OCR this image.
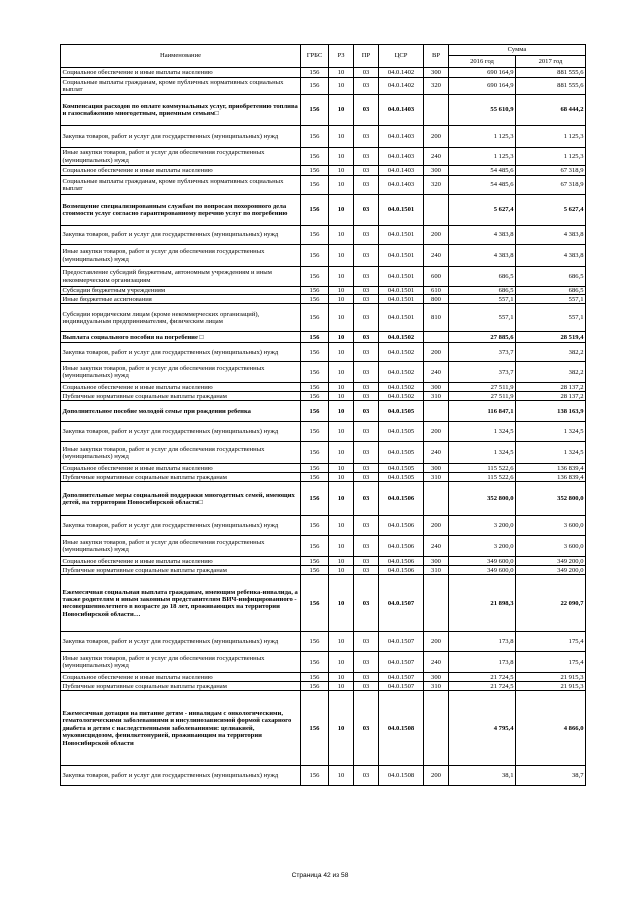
Наименование	ГРБС	РЗ	ПР	ЦСР	ВР	Сумма	
						2016 год	2017 год
Социальное обеспечение и иные выплаты населению	156	10	03	04.0.1402	300	690 164,9	881 555,6
Социальные выплаты гражданам, кроме публичных нормативных социальных выплат	156	10	03	04.0.1402	320	690 164,9	881 555,6
Компенсация расходов по оплате коммунальных услуг, приобретению топлива и газоснабжению многодетным, приемным семьям□	156	10	03	04.0.1403		55 610,9	68 444,2
Закупка товаров, работ и услуг для государственных (муниципальных) нужд	156	10	03	04.0.1403	200	1 125,3	1 125,3
Иные закупки товаров, работ и услуг для обеспечения государственных (муниципальных) нужд	156	10	03	04.0.1403	240	1 125,3	1 125,3
Социальное обеспечение и иные выплаты населению	156	10	03	04.0.1403	300	54 485,6	67 318,9
Социальные выплаты гражданам, кроме публичных нормативных социальных выплат	156	10	03	04.0.1403	320	54 485,6	67 318,9
Возмещение специализированным службам по вопросам похоронного дела стоимости услуг согласно гарантированному перечню услуг по погребению	156	10	03	04.0.1501		5 627,4	5 627,4
Закупка товаров, работ и услуг для государственных (муниципальных) нужд	156	10	03	04.0.1501	200	4 383,8	4 383,8
Иные закупки товаров, работ и услуг для обеспечения государственных (муниципальных) нужд	156	10	03	04.0.1501	240	4 383,8	4 383,8
Предоставление субсидий бюджетным, автономным учреждениям и иным некоммерческим организациям	156	10	03	04.0.1501	600	686,5	686,5
Субсидии бюджетным учреждениям	156	10	03	04.0.1501	610	686,5	686,5
Иные бюджетные ассигнования	156	10	03	04.0.1501	800	557,1	557,1
Субсидии юридическим лицам (кроме некоммерческих организаций), индивидуальным предпринимателям, физическим лицам	156	10	03	04.0.1501	810	557,1	557,1
Выплата социального пособия на погребение □	156	10	03	04.0.1502		27 885,6	28 519,4
Закупка товаров, работ и услуг для государственных (муниципальных) нужд	156	10	03	04.0.1502	200	373,7	382,2
Иные закупки товаров, работ и услуг для обеспечения государственных (муниципальных) нужд	156	10	03	04.0.1502	240	373,7	382,2
Социальное обеспечение и иные выплаты населению	156	10	03	04.0.1502	300	27 511,9	28 137,2
Публичные нормативные социальные выплаты гражданам	156	10	03	04.0.1502	310	27 511,9	28 137,2
Дополнительное пособие молодой семье при рождении ребенка	156	10	03	04.0.1505		116 847,1	138 163,9
Закупка товаров, работ и услуг для государственных (муниципальных) нужд	156	10	03	04.0.1505	200	1 324,5	1 324,5
Иные закупки товаров, работ и услуг для обеспечения государственных (муниципальных) нужд	156	10	03	04.0.1505	240	1 324,5	1 324,5
Социальное обеспечение и иные выплаты населению	156	10	03	04.0.1505	300	115 522,6	136 839,4
Публичные нормативные социальные выплаты гражданам	156	10	03	04.0.1505	310	115 522,6	136 839,4
Дополнительные меры социальной поддержки многодетных семей, имеющих детей, на территории Новосибирской области□	156	10	03	04.0.1506		352 800,0	352 800,0
Закупка товаров, работ и услуг для государственных (муниципальных) нужд	156	10	03	04.0.1506	200	3 200,0	3 600,0
Иные закупки товаров, работ и услуг для обеспечения государственных (муниципальных) нужд	156	10	03	04.0.1506	240	3 200,0	3 600,0
Социальное обеспечение и иные выплаты населению	156	10	03	04.0.1506	300	349 600,0	349 200,0
Публичные нормативные социальные выплаты гражданам	156	10	03	04.0.1506	310	349 600,0	349 200,0
Ежемесячная социальная выплата гражданам, имеющим ребенка-инвалида, а также родителям и иным законным представителям ВИЧ-инфицированного - несовершеннолетнего в возрасте до 18 лет, проживающих на территории Новосибирской области…	156	10	03	04.0.1507		21 898,3	22 090,7
Закупка товаров, работ и услуг для государственных (муниципальных) нужд	156	10	03	04.0.1507	200	173,8	175,4
Иные закупки товаров, работ и услуг для обеспечения государственных (муниципальных) нужд	156	10	03	04.0.1507	240	173,8	175,4
Социальное обеспечение и иные выплаты населению	156	10	03	04.0.1507	300	21 724,5	21 915,3
Публичные нормативные социальные выплаты гражданам	156	10	03	04.0.1507	310	21 724,5	21 915,3
Ежемесячная дотация на питание детям - инвалидам с онкологическими, гематологическими заболеваниями и инсулинозависимой формой сахарного диабета и детям с наследственными заболеваниями: целиакией, муковисцидозом, фенилкетонурией, проживающим на территории Новосибирской области	156	10	03	04.0.1508		4 795,4	4 866,0
Закупка товаров, работ и услуг для государственных (муниципальных) нужд	156	10	03	04.0.1508	200	38,1	38,7
Страница 42 из 58
